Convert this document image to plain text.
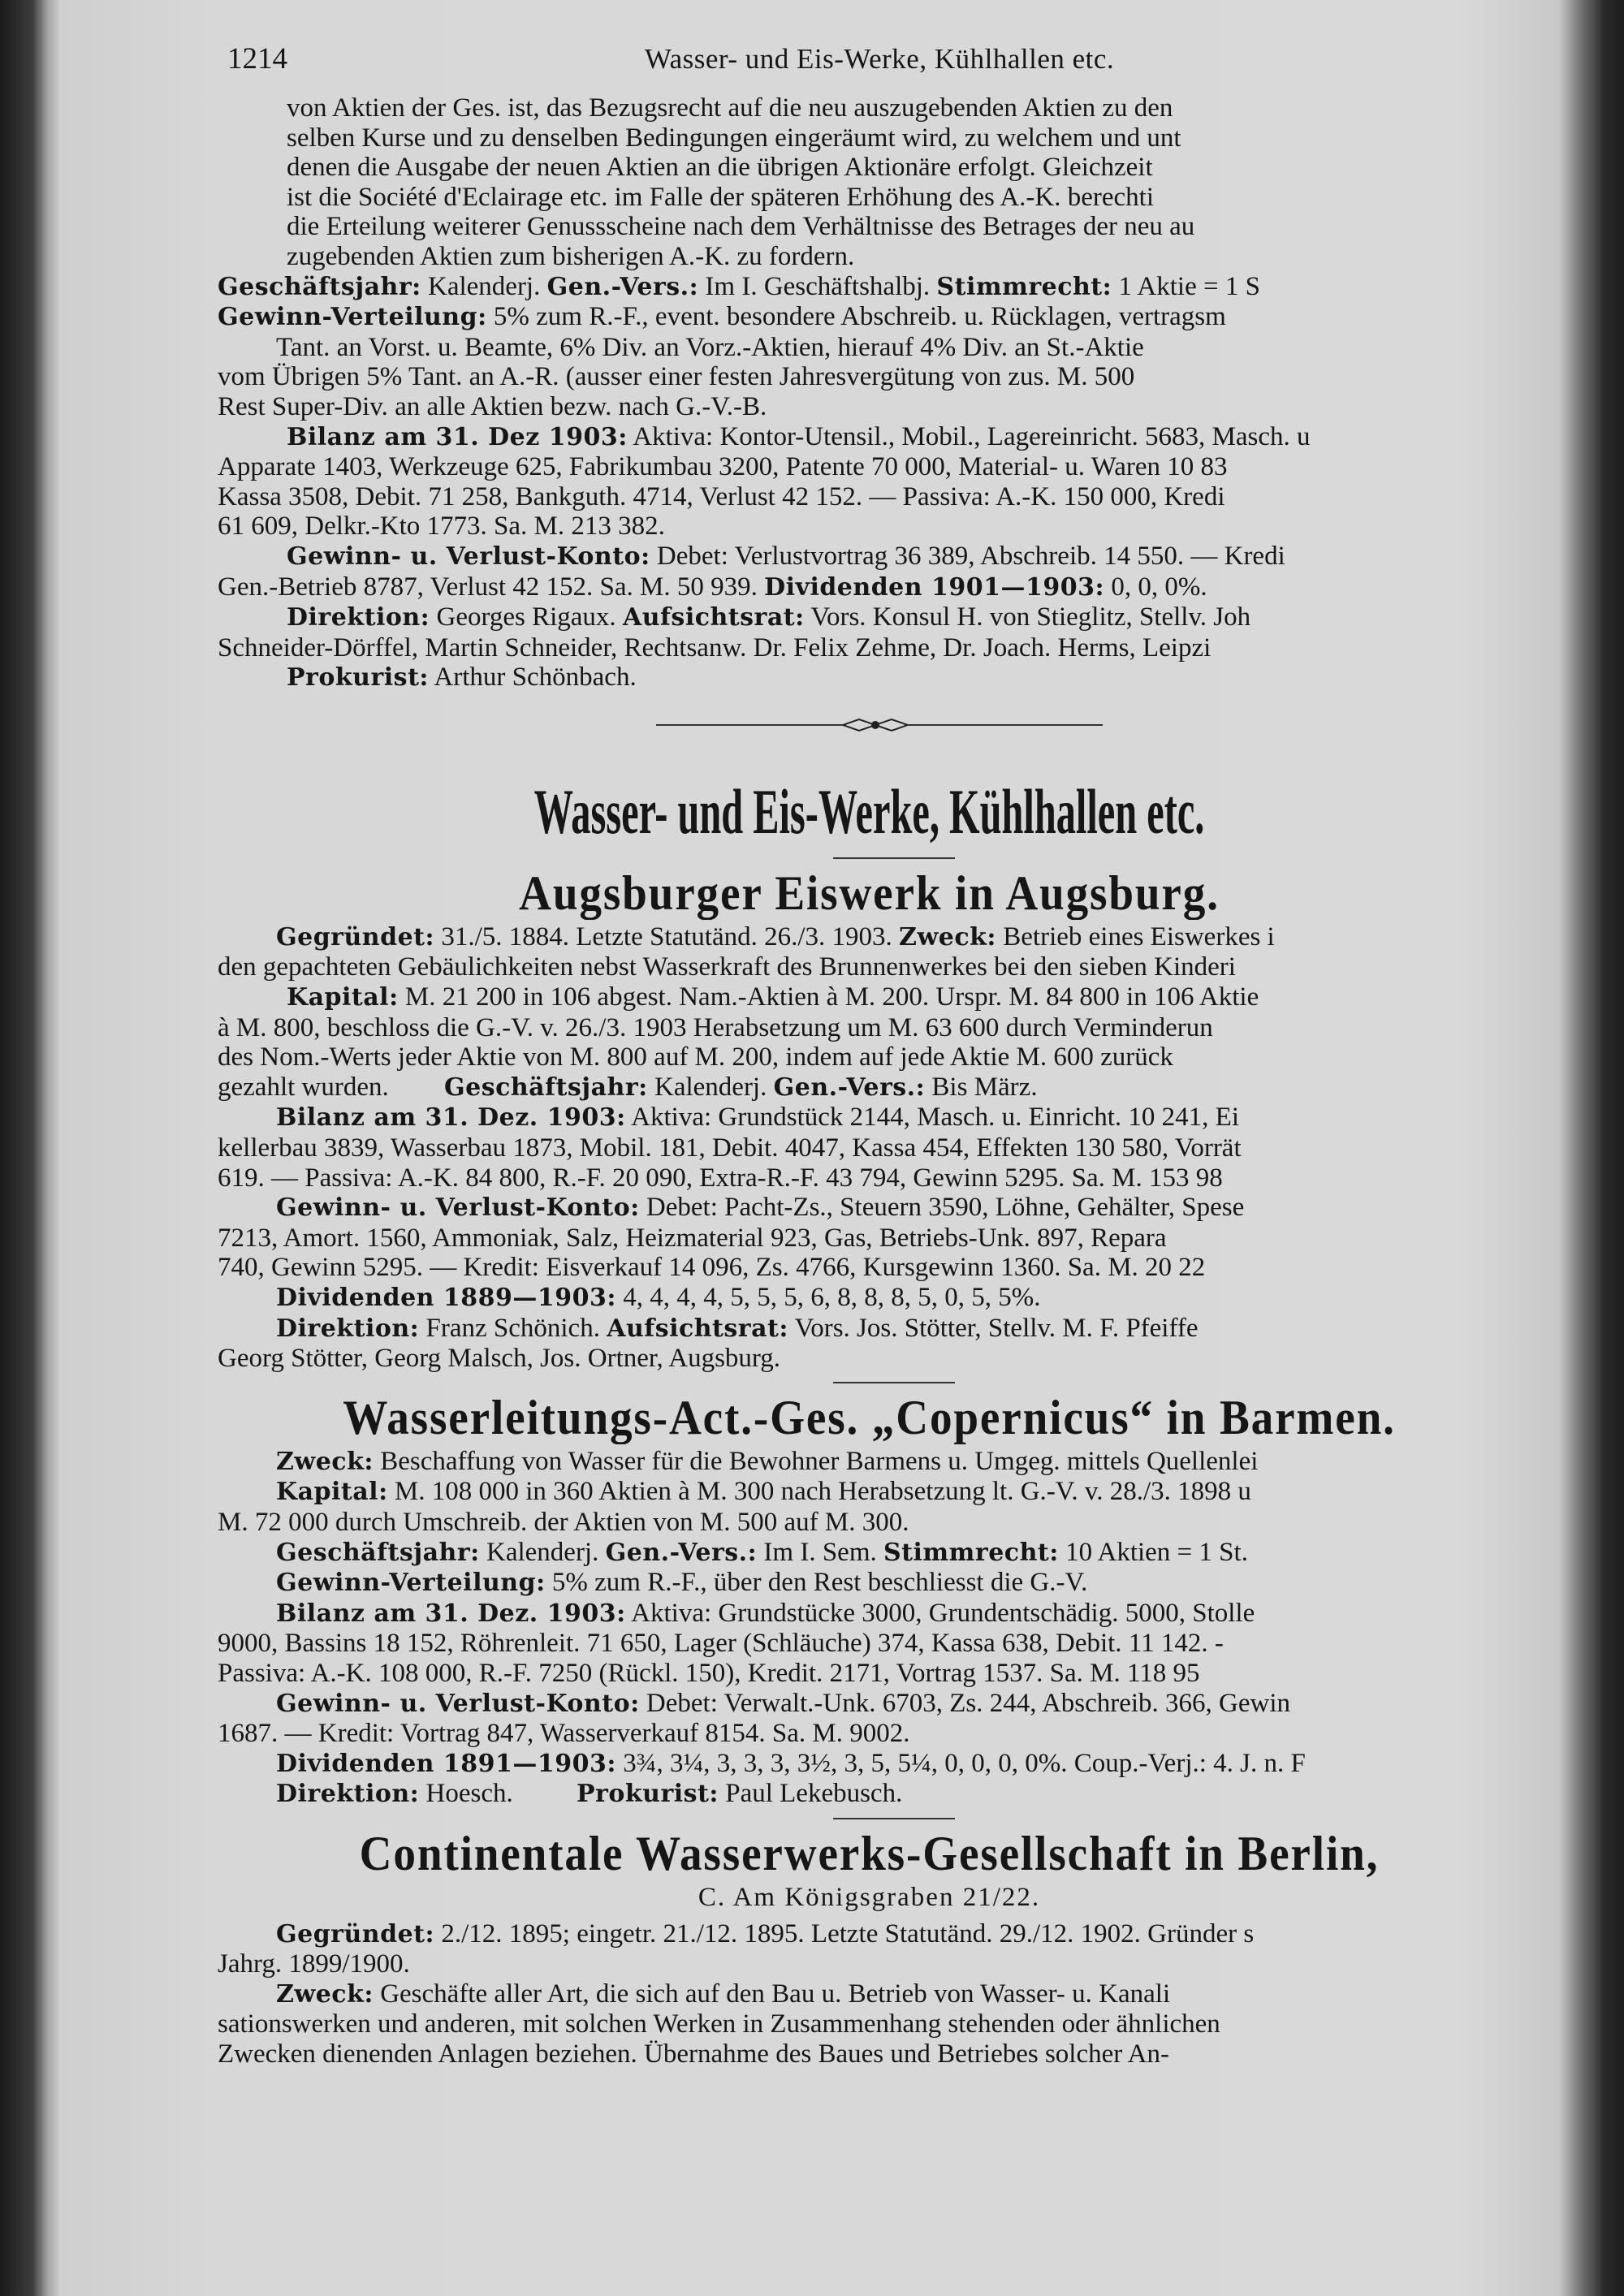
1214	Wasser- und Eis-Werke, Kühlhallen etc.
von Aktien der Ges. ist, das Bezugsrecht auf die neu auszugebenden Aktien zu den
selben Kurse und zu denselben Bedingungen eingeräumt wird, zu welchem und unt
denen die Ausgabe der neuen Aktien an die übrigen Aktionäre erfolgt. Gleichzeit
ist die Société d'Eclairage etc. im Falle der späteren Erhöhung des A.-K. berechti
die Erteilung weiterer Genussscheine nach dem Verhältnisse des Betrages der neu au
zugebenden Aktien zum bisherigen A.-K. zu fordern.
Geschäftsjahr: Kalenderj. Gen.-Vers.: Im I. Geschäftshalbj. Stimmrecht: 1 Aktie = 1 S
Gewinn-Verteilung: 5% zum R.-F., event. besondere Abschreib. u. Rücklagen, vertragsm
Tant. an Vorst. u. Beamte, 6% Div. an Vorz.-Aktien, hierauf 4% Div. an St.-Aktie
vom Übrigen 5% Tant. an A.-R. (ausser einer festen Jahresvergütung von zus. M. 500
Rest Super-Div. an alle Aktien bezw. nach G.-V.-B.
Bilanz am 31. Dez 1903: Aktiva: Kontor-Utensil., Mobil., Lagereinricht. 5683, Masch. u
Apparate 1403, Werkzeuge 625, Fabrikumbau 3200, Patente 70 000, Material- u. Waren 10 83
Kassa 3508, Debit. 71 258, Bankguth. 4714, Verlust 42 152. — Passiva: A.-K. 150 000, Kredi
61 609, Delkr.-Kto 1773. Sa. M. 213 382.
Gewinn- u. Verlust-Konto: Debet: Verlustvortrag 36 389, Abschreib. 14 550. — Kredi
Gen.-Betrieb 8787, Verlust 42 152. Sa. M. 50 939. Dividenden 1901—1903: 0, 0, 0%.
Direktion: Georges Rigaux. Aufsichtsrat: Vors. Konsul H. von Stieglitz, Stellv. Joh
Schneider-Dörffel, Martin Schneider, Rechtsanw. Dr. Felix Zehme, Dr. Joach. Herms, Leipzi
Prokurist: Arthur Schönbach.
Wasser- und Eis-Werke, Kühlhallen etc.
Augsburger Eiswerk in Augsburg.
Gegründet: 31./5. 1884. Letzte Statutänd. 26./3. 1903. Zweck: Betrieb eines Eiswerkes i
den gepachteten Gebäulichkeiten nebst Wasserkraft des Brunnenwerkes bei den sieben Kinderi
Kapital: M. 21 200 in 106 abgest. Nam.-Aktien à M. 200. Urspr. M. 84 800 in 106 Aktie
à M. 800, beschloss die G.-V. v. 26./3. 1903 Herabsetzung um M. 63 600 durch Verminderun
des Nom.-Werts jeder Aktie von M. 800 auf M. 200, indem auf jede Aktie M. 600 zurück
gezahlt wurden. Geschäftsjahr: Kalenderj. Gen.-Vers.: Bis März.
Bilanz am 31. Dez. 1903: Aktiva: Grundstück 2144, Masch. u. Einricht. 10 241, Ei
kellerbau 3839, Wasserbau 1873, Mobil. 181, Debit. 4047, Kassa 454, Effekten 130 580, Vorrät
619. — Passiva: A.-K. 84 800, R.-F. 20 090, Extra-R.-F. 43 794, Gewinn 5295. Sa. M. 153 98
Gewinn- u. Verlust-Konto: Debet: Pacht-Zs., Steuern 3590, Löhne, Gehälter, Spese
7213, Amort. 1560, Ammoniak, Salz, Heizmaterial 923, Gas, Betriebs-Unk. 897, Repara
740, Gewinn 5295. — Kredit: Eisverkauf 14 096, Zs. 4766, Kursgewinn 1360. Sa. M. 20 22
Dividenden 1889—1903: 4, 4, 4, 4, 5, 5, 5, 6, 8, 8, 8, 5, 0, 5, 5%.
Direktion: Franz Schönich. Aufsichtsrat: Vors. Jos. Stötter, Stellv. M. F. Pfeiffe
Georg Stötter, Georg Malsch, Jos. Ortner, Augsburg.
Wasserleitungs-Act.-Ges. „Copernicus“ in Barmen.
Zweck: Beschaffung von Wasser für die Bewohner Barmens u. Umgeg. mittels Quellenlei
Kapital: M. 108 000 in 360 Aktien à M. 300 nach Herabsetzung lt. G.-V. v. 28./3. 1898 u
M. 72 000 durch Umschreib. der Aktien von M. 500 auf M. 300.
Geschäftsjahr: Kalenderj. Gen.-Vers.: Im I. Sem. Stimmrecht: 10 Aktien = 1 St.
Gewinn-Verteilung: 5% zum R.-F., über den Rest beschliesst die G.-V.
Bilanz am 31. Dez. 1903: Aktiva: Grundstücke 3000, Grundentschädig. 5000, Stolle
9000, Bassins 18 152, Röhrenleit. 71 650, Lager (Schläuche) 374, Kassa 638, Debit. 11 142. -
Passiva: A.-K. 108 000, R.-F. 7250 (Rückl. 150), Kredit. 2171, Vortrag 1537. Sa. M. 118 95
Gewinn- u. Verlust-Konto: Debet: Verwalt.-Unk. 6703, Zs. 244, Abschreib. 366, Gewin
1687. — Kredit: Vortrag 847, Wasserverkauf 8154. Sa. M. 9002.
Dividenden 1891—1903: 3¾, 3¼, 3, 3, 3, 3½, 3, 5, 5¼, 0, 0, 0, 0%. Coup.-Verj.: 4. J. n. F
Direktion: Hoesch. Prokurist: Paul Lekebusch.
Continentale Wasserwerks-Gesellschaft in Berlin,
C. Am Königsgraben 21/22.
Gegründet: 2./12. 1895; eingetr. 21./12. 1895. Letzte Statutänd. 29./12. 1902. Gründer s
Jahrg. 1899/1900.
Zweck: Geschäfte aller Art, die sich auf den Bau u. Betrieb von Wasser- u. Kanali
sationswerken und anderen, mit solchen Werken in Zusammenhang stehenden oder ähnlichen
Zwecken dienenden Anlagen beziehen. Übernahme des Baues und Betriebes solcher An-
